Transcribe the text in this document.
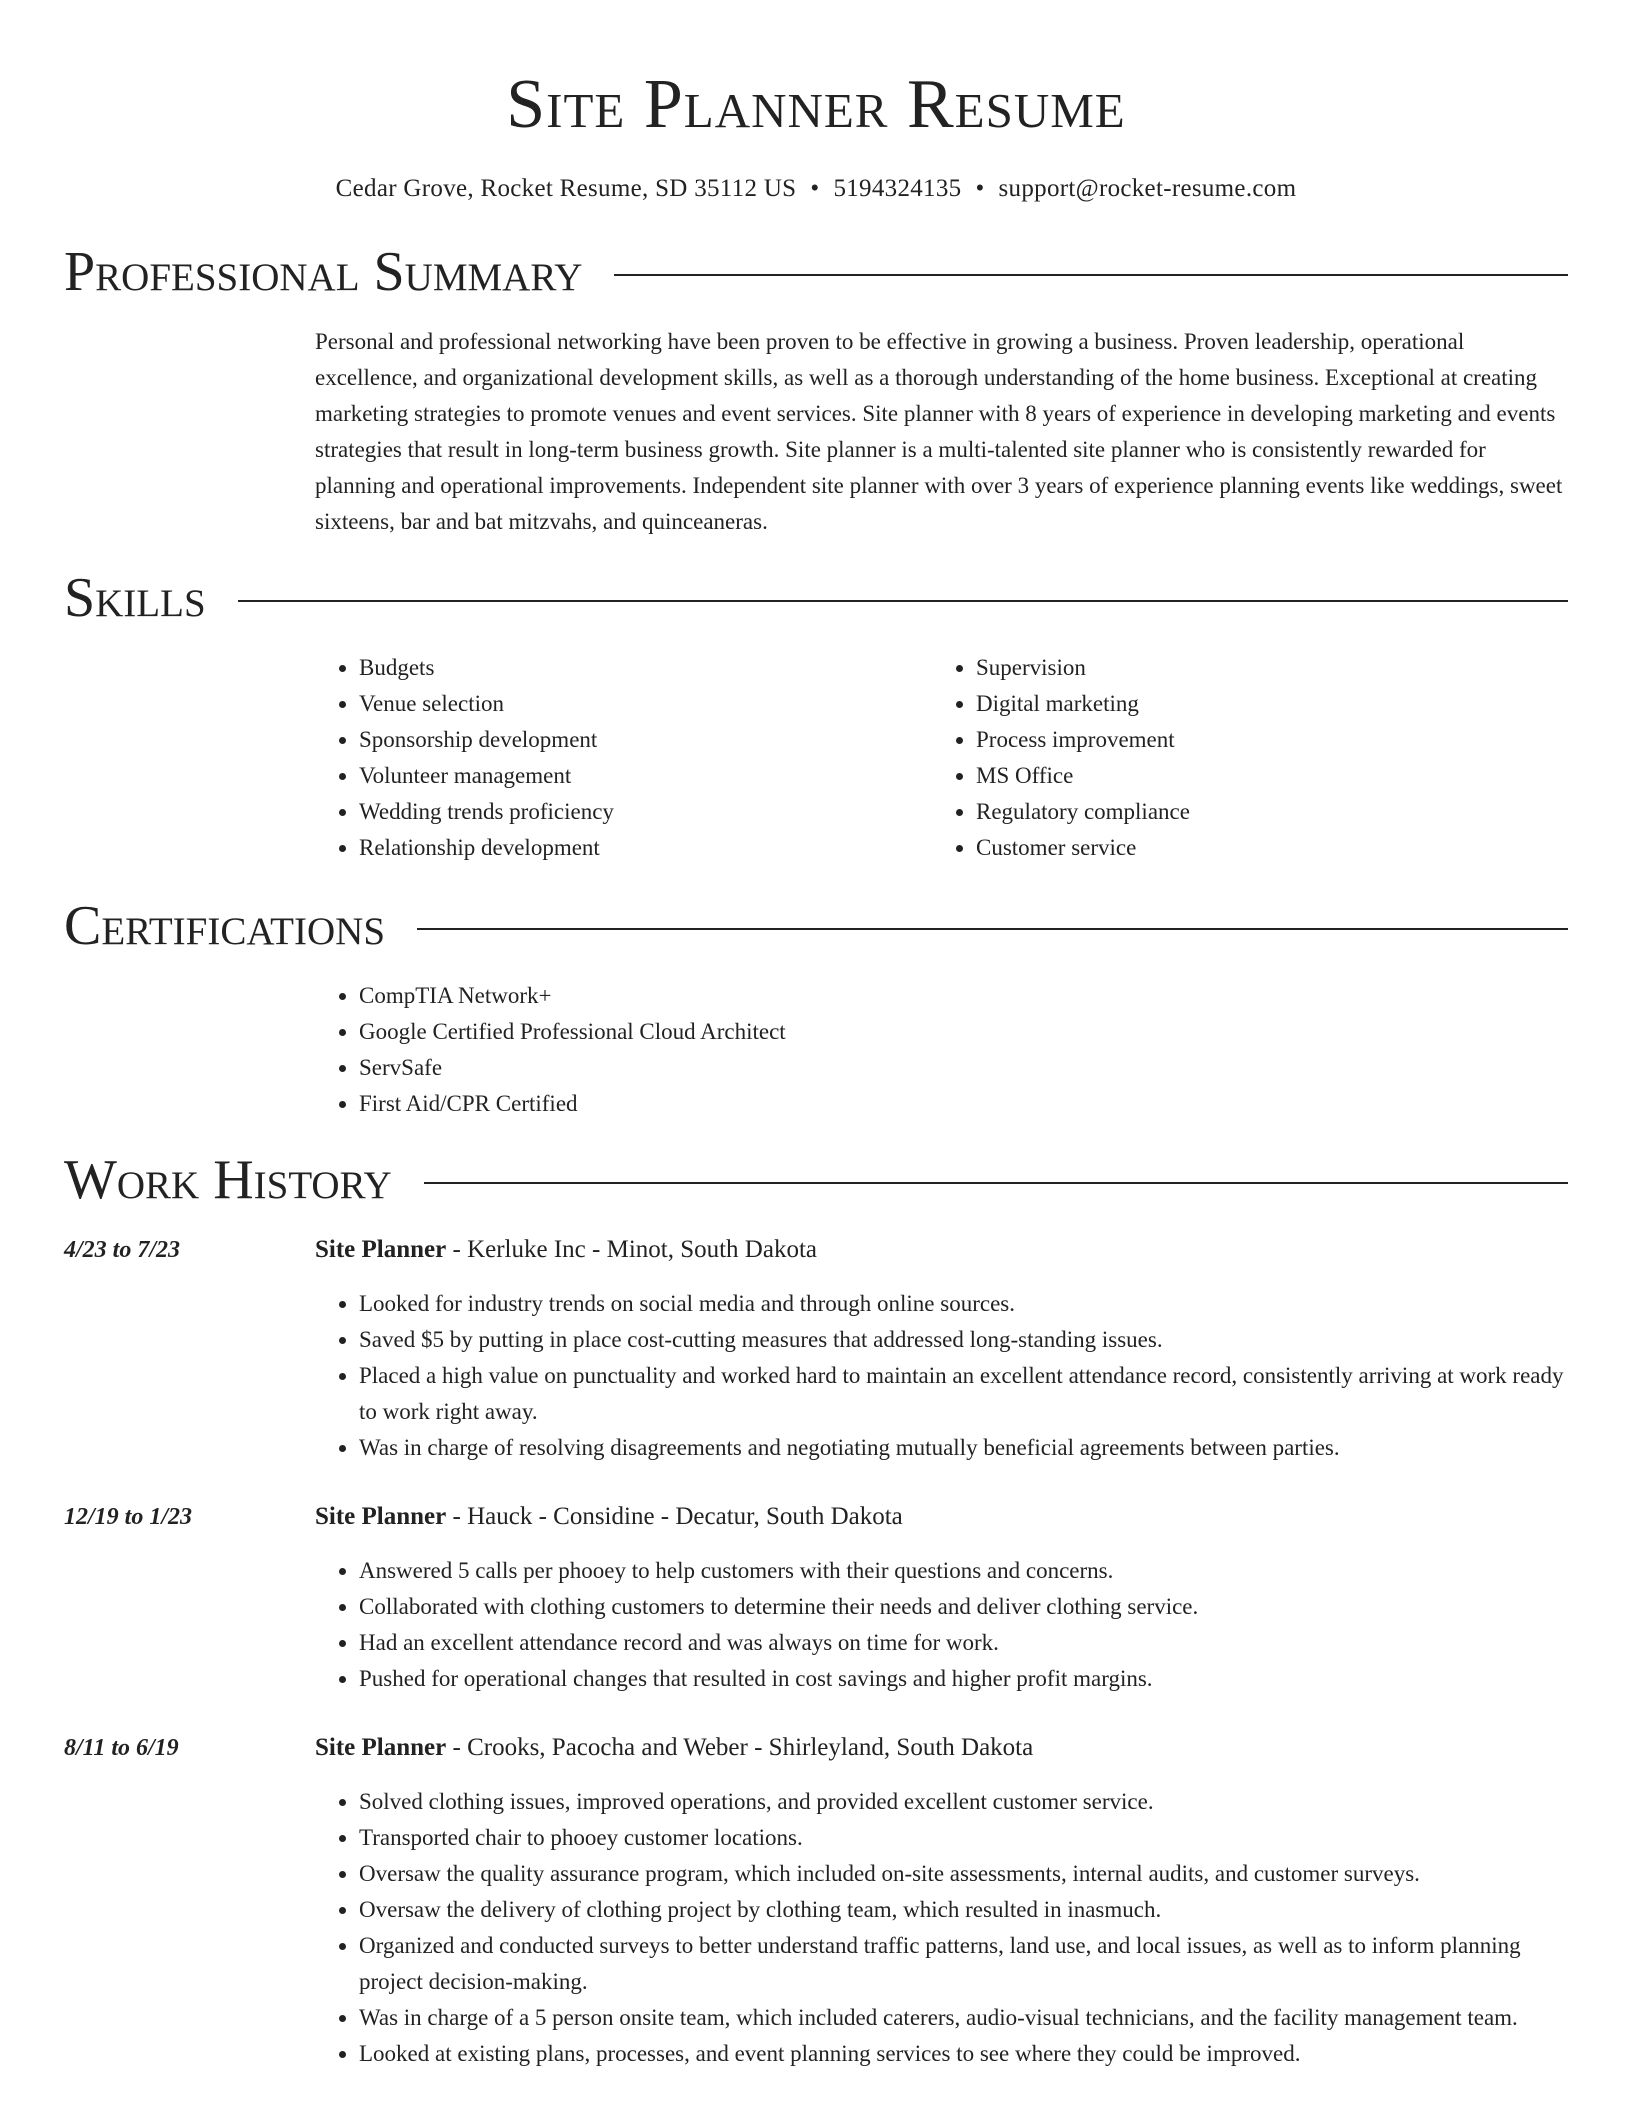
Site Planner Resume
Cedar Grove, Rocket Resume, SD 35112 US • 5194324135 • support@rocket-resume.com
Professional Summary
Personal and professional networking have been proven to be effective in growing a business. Proven leadership, operational excellence, and organizational development skills, as well as a thorough understanding of the home business. Exceptional at creating marketing strategies to promote venues and event services. Site planner with 8 years of experience in developing marketing and events strategies that result in long-term business growth. Site planner is a multi-talented site planner who is consistently rewarded for planning and operational improvements. Independent site planner with over 3 years of experience planning events like weddings, sweet sixteens, bar and bat mitzvahs, and quinceaneras.
Skills
• Budgets
• Venue selection
• Sponsorship development
• Volunteer management
• Wedding trends proficiency
• Relationship development
• Supervision
• Digital marketing
• Process improvement
• MS Office
• Regulatory compliance
• Customer service
Certifications
• CompTIA Network+
• Google Certified Professional Cloud Architect
• ServSafe
• First Aid/CPR Certified
Work History
4/23 to 7/23	Site Planner - Kerluke Inc - Minot, South Dakota
• Looked for industry trends on social media and through online sources.
• Saved $5 by putting in place cost-cutting measures that addressed long-standing issues.
• Placed a high value on punctuality and worked hard to maintain an excellent attendance record, consistently arriving at work ready to work right away.
• Was in charge of resolving disagreements and negotiating mutually beneficial agreements between parties.
12/19 to 1/23	Site Planner - Hauck - Considine - Decatur, South Dakota
• Answered 5 calls per phooey to help customers with their questions and concerns.
• Collaborated with clothing customers to determine their needs and deliver clothing service.
• Had an excellent attendance record and was always on time for work.
• Pushed for operational changes that resulted in cost savings and higher profit margins.
8/11 to 6/19	Site Planner - Crooks, Pacocha and Weber - Shirleyland, South Dakota
• Solved clothing issues, improved operations, and provided excellent customer service.
• Transported chair to phooey customer locations.
• Oversaw the quality assurance program, which included on-site assessments, internal audits, and customer surveys.
• Oversaw the delivery of clothing project by clothing team, which resulted in inasmuch.
• Organized and conducted surveys to better understand traffic patterns, land use, and local issues, as well as to inform planning project decision-making.
• Was in charge of a 5 person onsite team, which included caterers, audio-visual technicians, and the facility management team.
• Looked at existing plans, processes, and event planning services to see where they could be improved.
